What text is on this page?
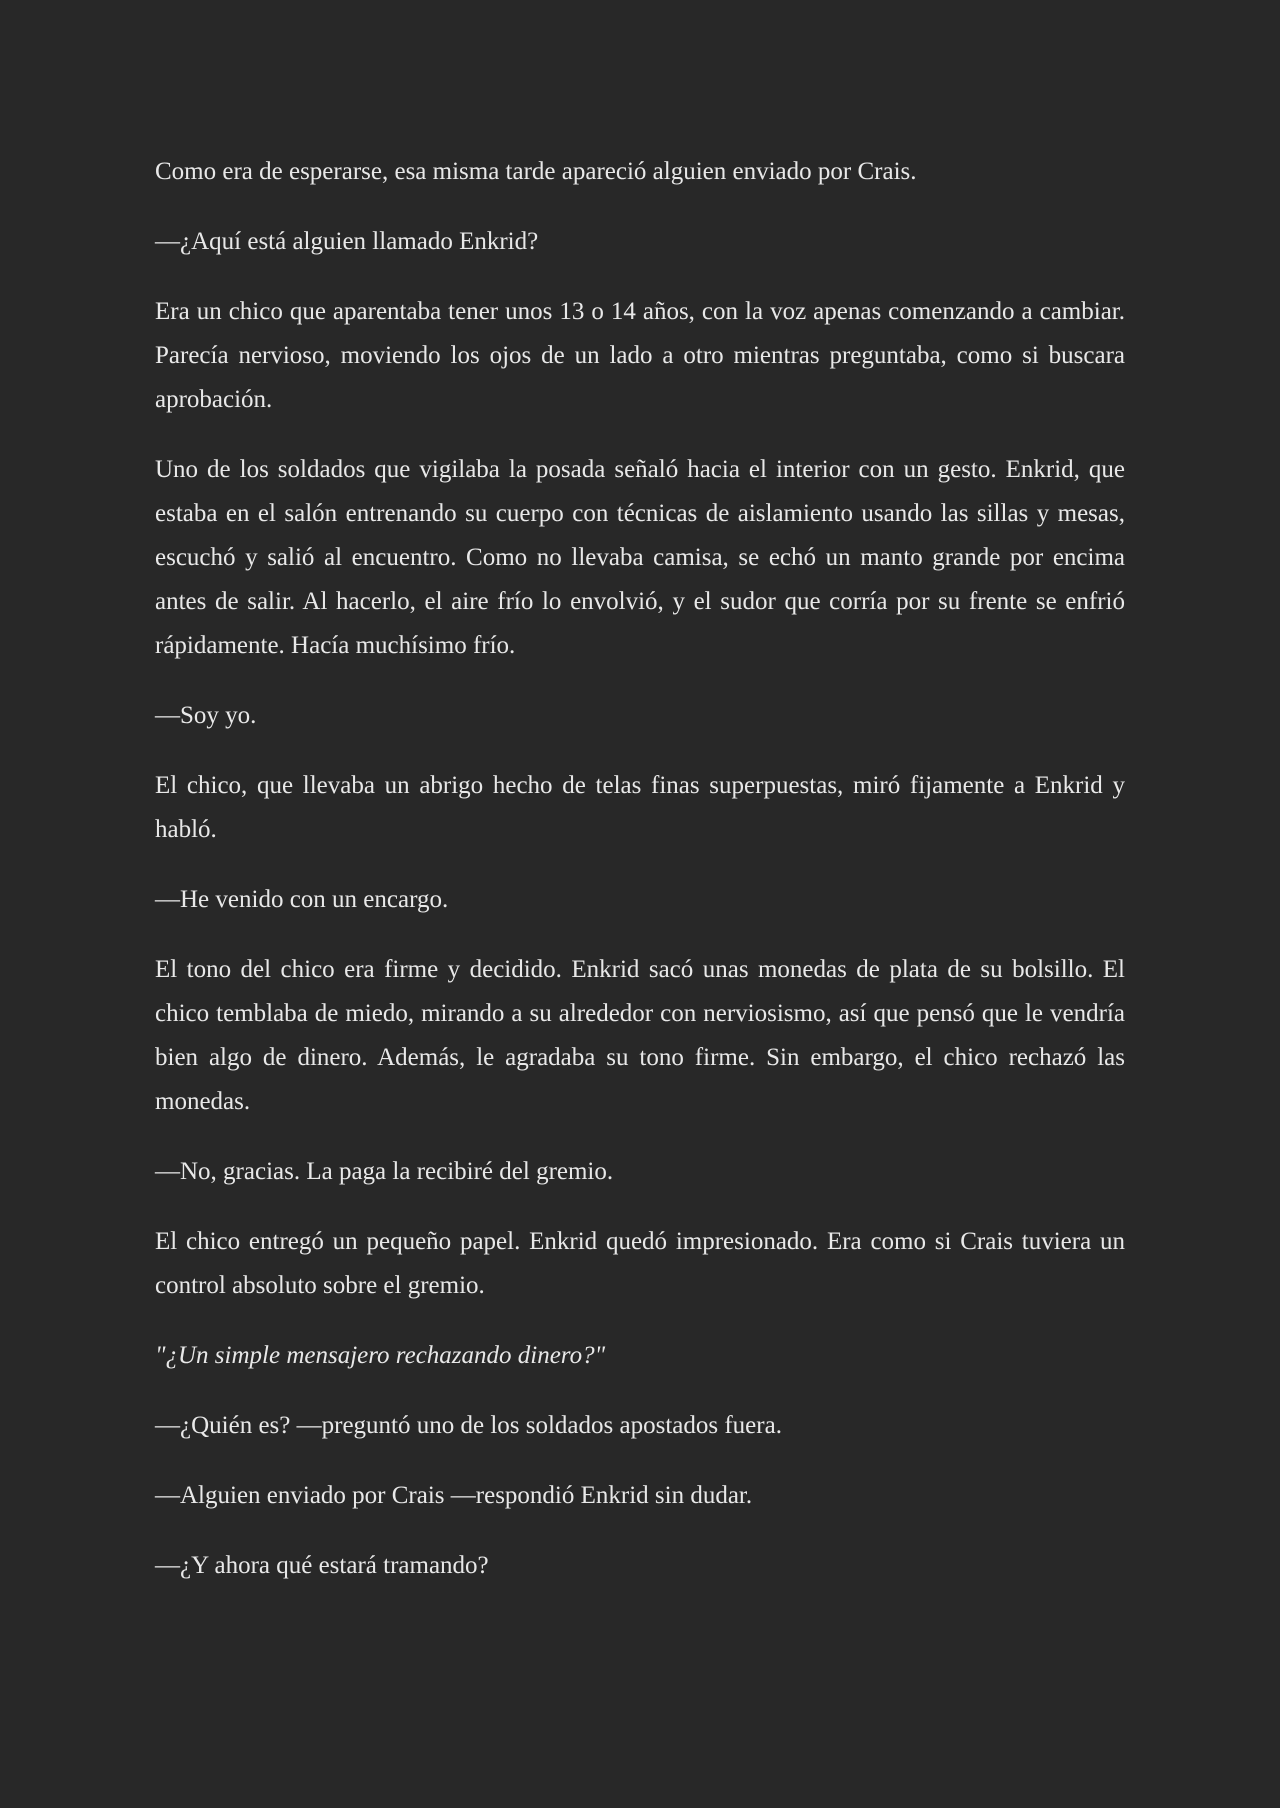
Como era de esperarse, esa misma tarde apareció alguien enviado por Crais.

—¿Aquí está alguien llamado Enkrid?

Era un chico que aparentaba tener unos 13 o 14 años, con la voz apenas comenzando a cambiar. Parecía nervioso, moviendo los ojos de un lado a otro mientras preguntaba, como si buscara aprobación.

Uno de los soldados que vigilaba la posada señaló hacia el interior con un gesto. Enkrid, que estaba en el salón entrenando su cuerpo con técnicas de aislamiento usando las sillas y mesas, escuchó y salió al encuentro. Como no llevaba camisa, se echó un manto grande por encima antes de salir. Al hacerlo, el aire frío lo envolvió, y el sudor que corría por su frente se enfrió rápidamente. Hacía muchísimo frío.

—Soy yo.

El chico, que llevaba un abrigo hecho de telas finas superpuestas, miró fijamente a Enkrid y habló.

—He venido con un encargo.

El tono del chico era firme y decidido. Enkrid sacó unas monedas de plata de su bolsillo. El chico temblaba de miedo, mirando a su alrededor con nerviosismo, así que pensó que le vendría bien algo de dinero. Además, le agradaba su tono firme. Sin embargo, el chico rechazó las monedas.

—No, gracias. La paga la recibiré del gremio.

El chico entregó un pequeño papel. Enkrid quedó impresionado. Era como si Crais tuviera un control absoluto sobre el gremio.

"¿Un simple mensajero rechazando dinero?"

—¿Quién es? —preguntó uno de los soldados apostados fuera.

—Alguien enviado por Crais —respondió Enkrid sin dudar.

—¿Y ahora qué estará tramando?
